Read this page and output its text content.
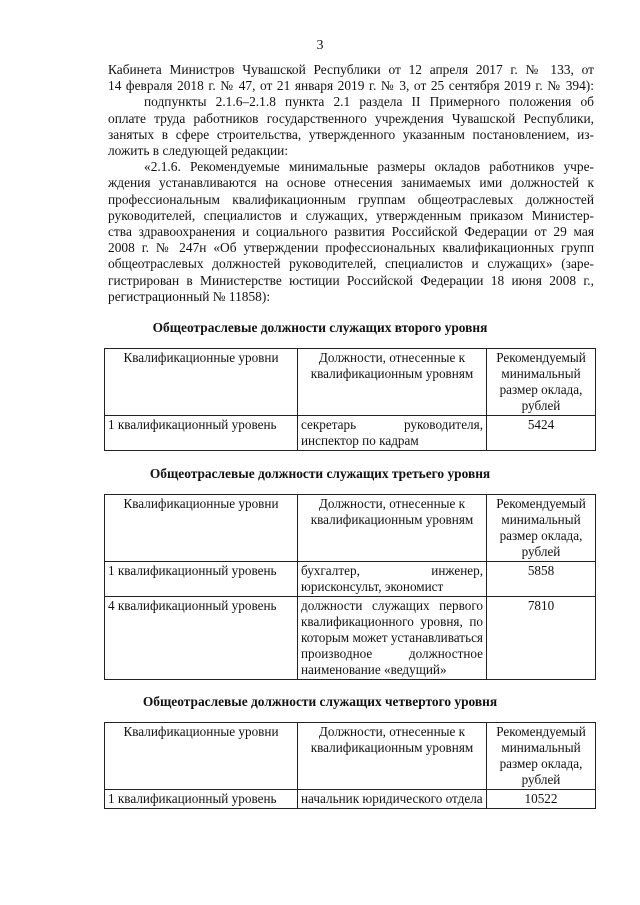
3
Кабинета Министров Чувашской Республики от 12 апреля 2017 г. № 133, от
14 февраля 2018 г. № 47, от 21 января 2019 г. № 3, от 25 сентября 2019 г. № 394):
подпункты 2.1.6–2.1.8 пункта 2.1 раздела II Примерного положения об
оплате труда работников государственного учреждения Чувашской Республики,
занятых в сфере строительства, утвержденного указанным постановлением, из-
ложить в следующей редакции:
«2.1.6. Рекомендуемые минимальные размеры окладов работников учре-
ждения устанавливаются на основе отнесения занимаемых ими должностей к
профессиональным квалификационным группам общеотраслевых должностей
руководителей, специалистов и служащих, утвержденным приказом Министер-
ства здравоохранения и социального развития Российской Федерации от 29 мая
2008 г. № 247н «Об утверждении профессиональных квалификационных групп
общеотраслевых должностей руководителей, специалистов и служащих» (заре-
гистрирован в Министерстве юстиции Российской Федерации 18 июня 2008 г.,
регистрационный № 11858):
Общеотраслевые должности служащих второго уровня
Квалификационные уровни	Должности, отнесенные к квалификационным уровням	Рекомендуемый минимальный размер оклада, рублей
1 квалификационный уровень	секретарь руководителя, инспектор по кадрам	5424
Общеотраслевые должности служащих третьего уровня
Квалификационные уровни	Должности, отнесенные к квалификационным уровням	Рекомендуемый минимальный размер оклада, рублей
1 квалификационный уровень	бухгалтер, инженер, юрисконсульт, экономист	5858
4 квалификационный уровень	должности служащих первого квалификационного уровня, по которым может устанавливаться производное должностное наименование «ведущий»	7810
Общеотраслевые должности служащих четвертого уровня
Квалификационные уровни	Должности, отнесенные к квалификационным уровням	Рекомендуемый минимальный размер оклада, рублей
1 квалификационный уровень	начальник юридического отдела	10522
